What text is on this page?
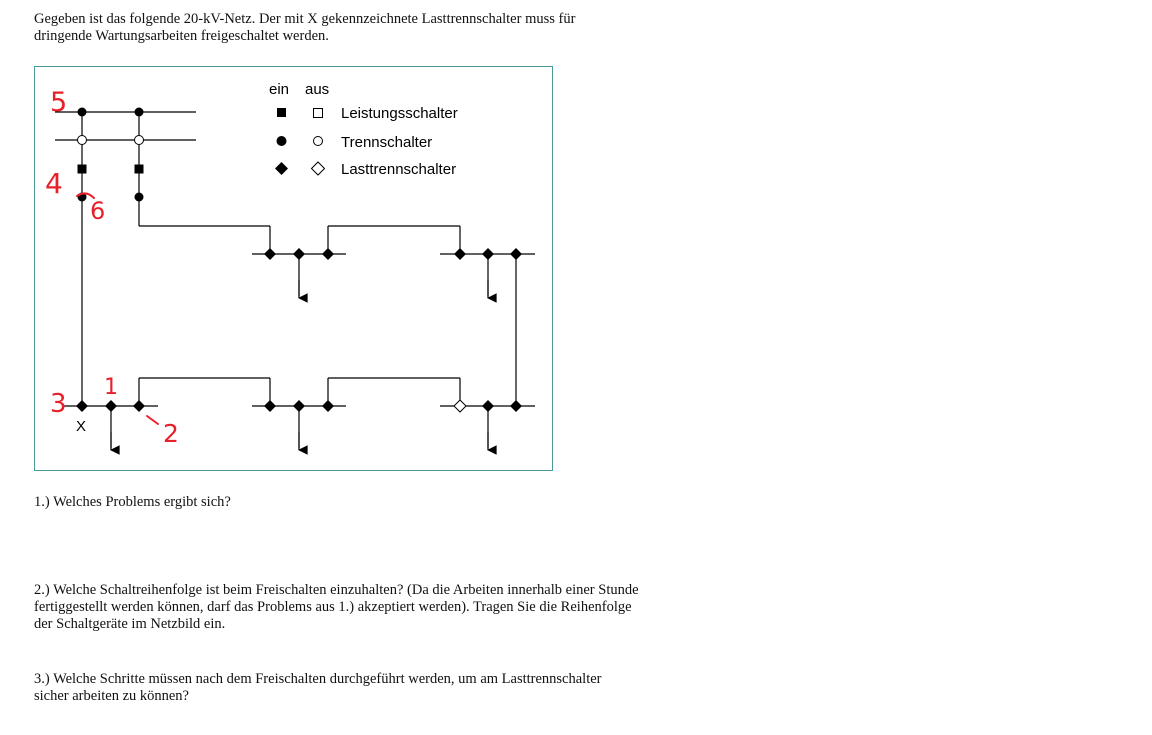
Gegeben ist das folgende 20-kV-Netz. Der mit X gekennzeichnete Lasttrennschalter muss für
dringende Wartungsarbeiten freigeschaltet werden.
X
ein aus
Leistungsschalter
Trennschalter
Lasttrennschalter
5
4
6
3
1
2
1.) Welches Problems ergibt sich?
2.) Welche Schaltreihenfolge ist beim Freischalten einzuhalten? (Da die Arbeiten innerhalb einer Stunde
fertiggestellt werden können, darf das Problems aus 1.) akzeptiert werden). Tragen Sie die Reihenfolge
der Schaltgeräte im Netzbild ein.
3.) Welche Schritte müssen nach dem Freischalten durchgeführt werden, um am Lasttrennschalter
sicher arbeiten zu können?
